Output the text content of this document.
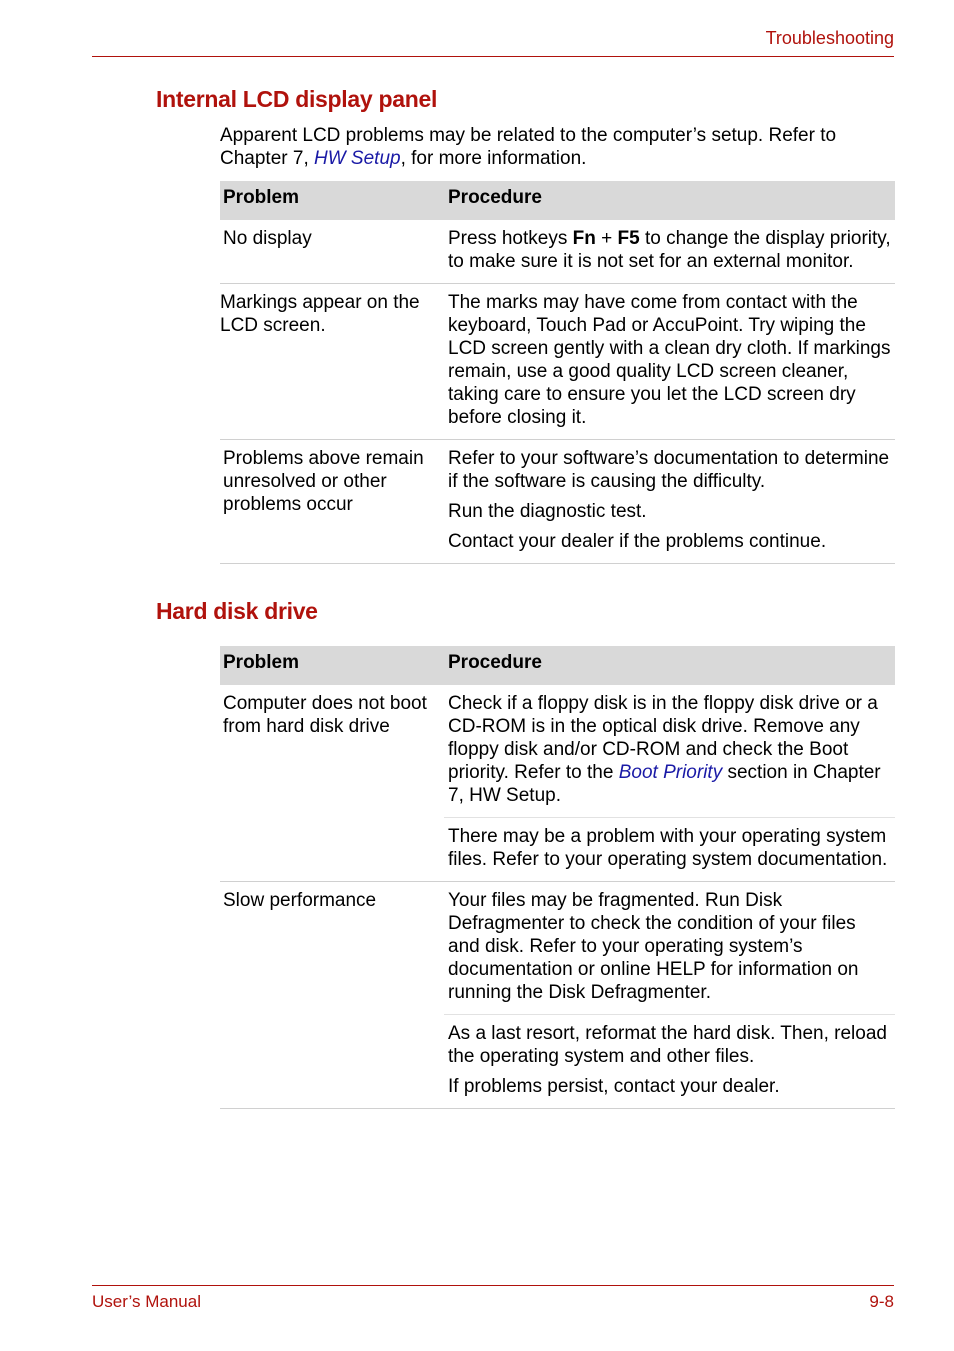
Troubleshooting
Internal LCD display panel

Apparent LCD problems may be related to the computer’s setup. Refer to Chapter 7, HW Setup, for more information.

Problem	Procedure
No display	Press hotkeys Fn + F5 to change the display priority, to make sure it is not set for an external monitor.
Markings appear on the LCD screen.	The marks may have come from contact with the keyboard, Touch Pad or AccuPoint. Try wiping the LCD screen gently with a clean dry cloth. If markings remain, use a good quality LCD screen cleaner, taking care to ensure you let the LCD screen dry before closing it.
Problems above remain unresolved or other problems occur	Refer to your software’s documentation to determine if the software is causing the difficulty.

Run the diagnostic test.

Contact your dealer if the problems continue.

Hard disk drive
Problem	Procedure
Computer does not boot from hard disk drive	Check if a floppy disk is in the floppy disk drive or a CD-ROM is in the optical disk drive. Remove any floppy disk and/or CD-ROM and check the Boot priority. Refer to the Boot Priority section in Chapter 7, HW Setup.
	There may be a problem with your operating system files. Refer to your operating system documentation.
Slow performance	Your files may be fragmented. Run Disk Defragmenter to check the condition of your files and disk. Refer to your operating system’s documentation or online HELP for information on running the Disk Defragmenter.

	As a last resort, reformat the hard disk. Then, reload the operating system and other files.

If problems persist, contact your dealer.

User’s Manual	9-8
